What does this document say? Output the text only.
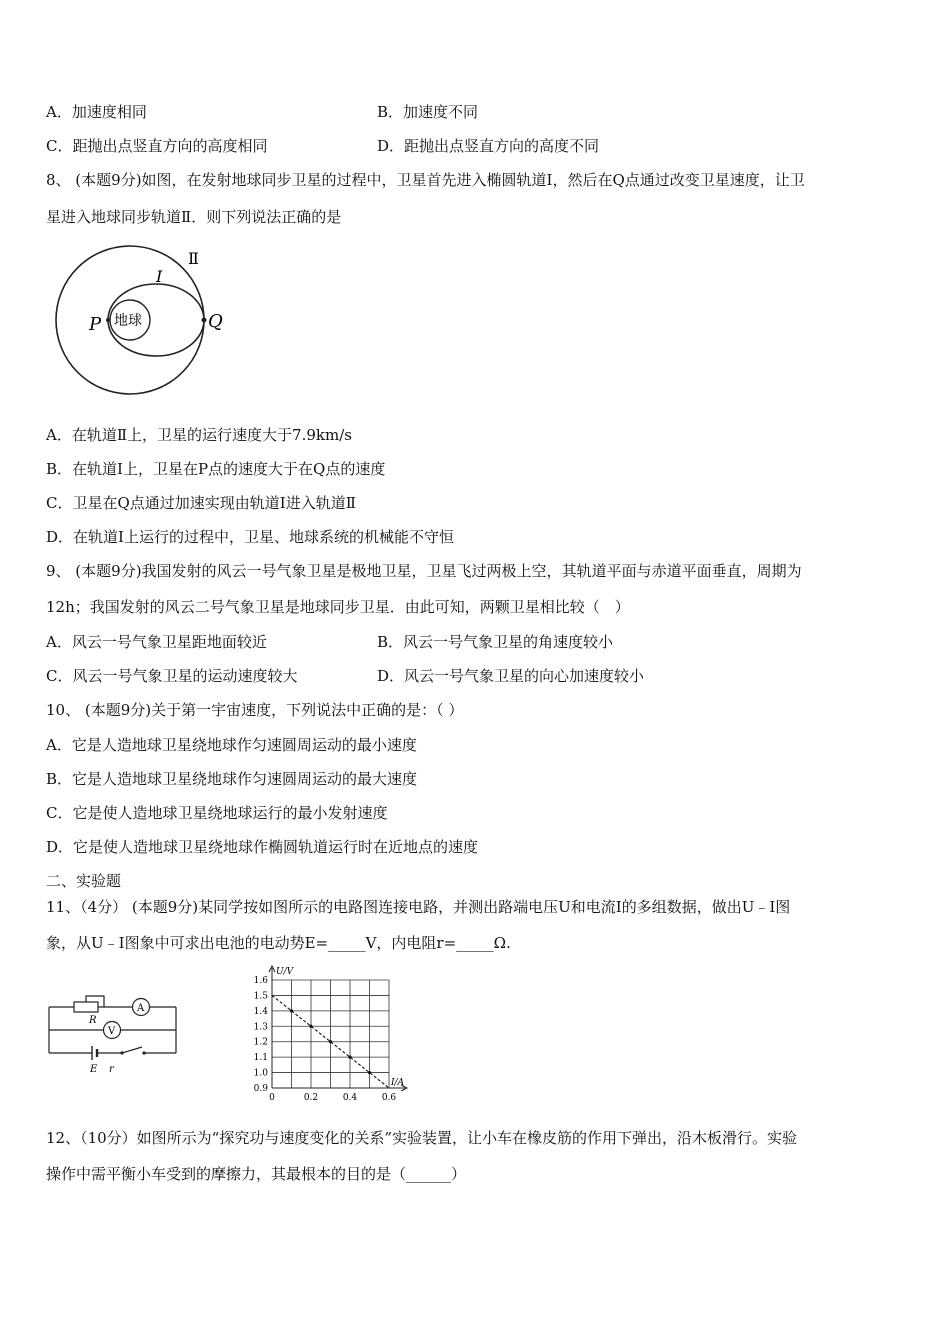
A．加速度相同	B．加速度不同
C．距抛出点竖直方向的高度相同	D．距抛出点竖直方向的高度不同
8、 (本题9分)如图，在发射地球同步卫星的过程中，卫星首先进入椭圆轨道I，然后在Q点通过改变卫星速度，让卫
星进入地球同步轨道Ⅱ．则下列说法正确的是
Ⅱ
I
地球
P	Q
A．在轨道Ⅱ上，卫星的运行速度大于7.9km/s
B．在轨道I上，卫星在P点的速度大于在Q点的速度
C．卫星在Q点通过加速实现由轨道I进入轨道Ⅱ
D．在轨道I上运行的过程中，卫星、地球系统的机械能不守恒
9、 (本题9分)我国发射的风云一号气象卫星是极地卫星，卫星飞过两极上空，其轨道平面与赤道平面垂直，周期为
12h；我国发射的风云二号气象卫星是地球同步卫星．由此可知，两颗卫星相比较（　）
A．风云一号气象卫星距地面较近	B．风云一号气象卫星的角速度较小
C．风云一号气象卫星的运动速度较大	D．风云一号气象卫星的向心加速度较小
10、 (本题9分)关于第一宇宙速度，下列说法中正确的是：（ ）
A．它是人造地球卫星绕地球作匀速圆周运动的最小速度
B．它是人造地球卫星绕地球作匀速圆周运动的最大速度
C．它是使人造地球卫星绕地球运行的最小发射速度
D．它是使人造地球卫星绕地球作椭圆轨道运行时在近地点的速度
二、实验题
11、（4分） (本题9分)某同学按如图所示的电路图连接电路，并测出路端电压U和电流I的多组数据，做出U﹣I图
象，从U﹣I图象中可求出电池的电动势E=_____V，内电阻r=_____Ω.
R
A
V
E r
0.9
1.0
1.1
1.2
1.3
1.4
1.5
1.6
0	0.2	0.4	0.6
U/V
I/A
12、（10分）如图所示为“探究功与速度变化的关系”实验装置，让小车在橡皮筋的作用下弹出，沿木板滑行。实验
操作中需平衡小车受到的摩擦力，其最根本的目的是（______）
